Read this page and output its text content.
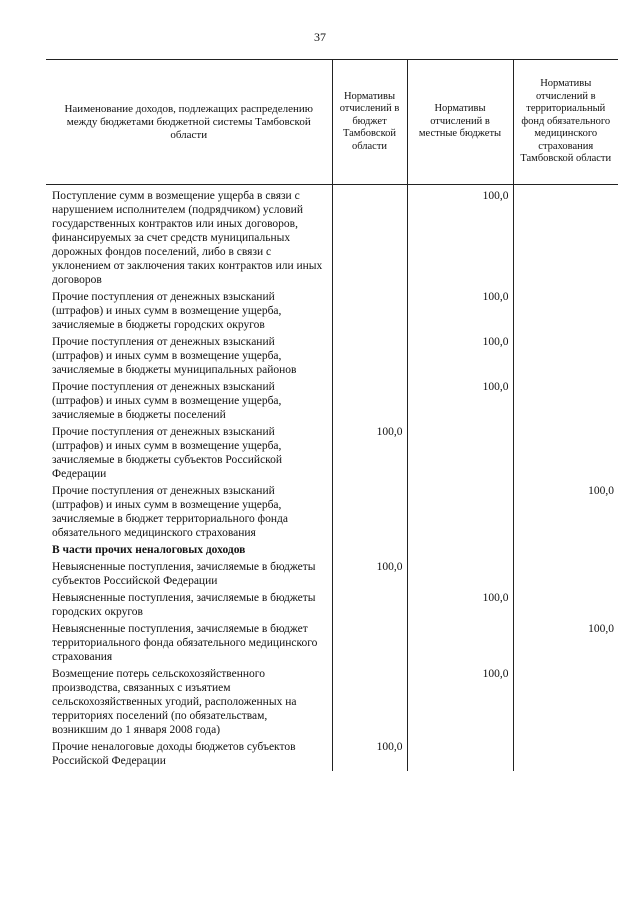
37
Наименование доходов, подлежащих распределению между бюджетами бюджетной системы Тамбовской области	Нормативы отчислений в бюджет Тамбовской области	Нормативы отчислений в местные бюджеты	Нормативы отчислений в территориальный фонд обязательного медицинского страхования Тамбовской области
Поступление сумм в возмещение ущерба в связи с нарушением исполнителем (подрядчиком) условий государственных контрактов или иных договоров, финансируемых за счет средств муниципальных дорожных фондов поселений, либо в связи с уклонением от заключения таких контрактов или иных договоров		100,0	
Прочие поступления от денежных взысканий (штрафов) и иных сумм в возмещение ущерба, зачисляемые в бюджеты городских округов		100,0	
Прочие поступления от денежных взысканий (штрафов) и иных сумм в возмещение ущерба, зачисляемые в бюджеты муниципальных районов		100,0	
Прочие поступления от денежных взысканий (штрафов) и иных сумм в возмещение ущерба, зачисляемые в бюджеты поселений		100,0	
Прочие поступления от денежных взысканий (штрафов) и иных сумм в возмещение ущерба, зачисляемые в бюджеты субъектов Российской Федерации	100,0		
Прочие поступления от денежных взысканий (штрафов) и иных сумм в возмещение ущерба, зачисляемые в бюджет территориального фонда обязательного медицинского страхования			100,0
В части прочих неналоговых доходов			
Невыясненные поступления, зачисляемые в бюджеты субъектов Российской Федерации	100,0		
Невыясненные поступления, зачисляемые в бюджеты городских округов		100,0	
Невыясненные поступления, зачисляемые в бюджет территориального фонда обязательного медицинского страхования			100,0
Возмещение потерь сельскохозяйственного производства, связанных с изъятием сельскохозяйственных угодий, расположенных на территориях поселений (по обязательствам, возникшим до 1 января 2008 года)		100,0	
Прочие неналоговые доходы бюджетов субъектов Российской Федерации	100,0		
